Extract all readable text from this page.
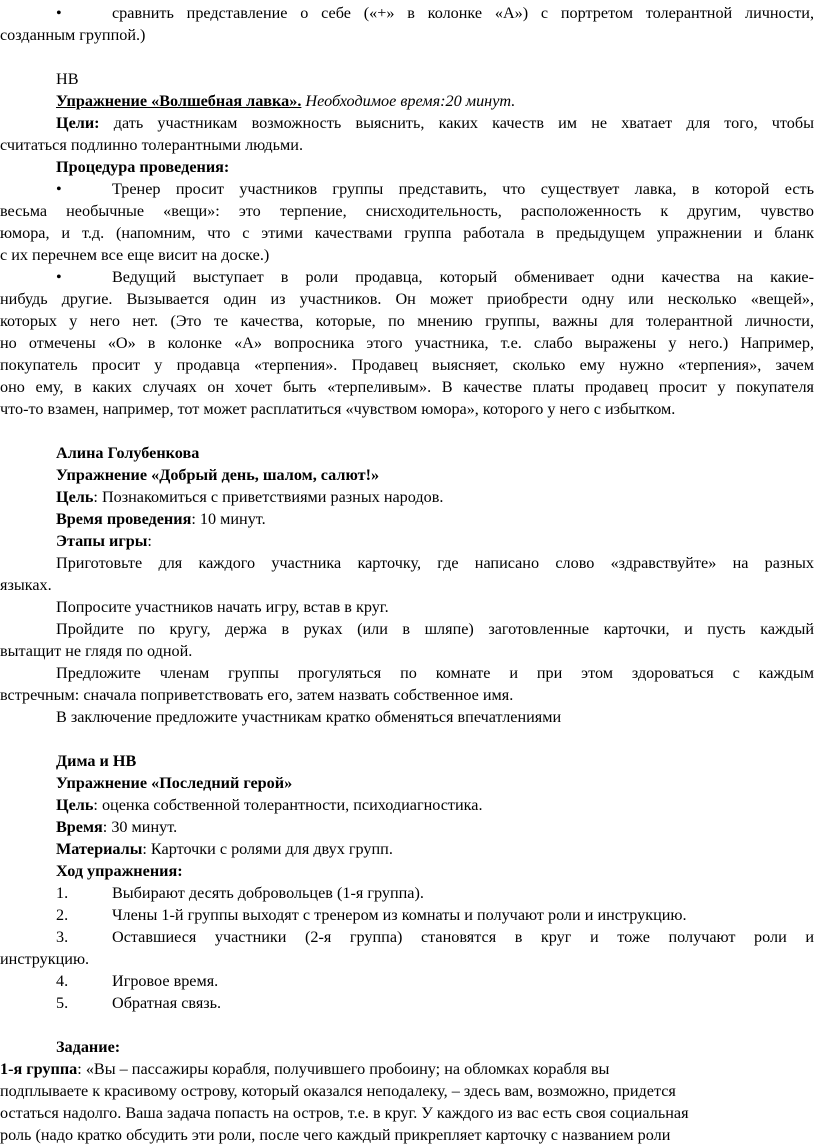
•	сравнить представление о себе («+» в колонке «А») с портретом толерантной личности,
созданным группой.)
НВ
Упражнение «Волшебная лавка». Необходимое время:20 минут.
Цели: дать участникам возможность выяснить, каких качеств им не хватает для того, чтобы
считаться подлинно толерантными людьми.
Процедура проведения:
•	Тренер просит участников группы представить, что существует лавка, в которой есть
весьма необычные «вещи»: это терпение, снисходительность, расположенность к другим, чувство
юмора, и т.д. (напомним, что с этими качествами группа работала в предыдущем упражнении и бланк
с их перечнем все еще висит на доске.)
•	Ведущий выступает в роли продавца, который обменивает одни качества на какие-
нибудь другие. Вызывается один из участников. Он может приобрести одну или несколько «вещей»,
которых у него нет. (Это те качества, которые, по мнению группы, важны для толерантной личности,
но отмечены «О» в колонке «А» вопросника этого участника, т.е. слабо выражены у него.) Например,
покупатель просит у продавца «терпения». Продавец выясняет, сколько ему нужно «терпения», зачем
оно ему, в каких случаях он хочет быть «терпеливым». В качестве платы продавец просит у покупателя
что-то взамен, например, тот может расплатиться «чувством юмора», которого у него с избытком.
Алина Голубенкова
Упражнение «Добрый день, шалом, салют!»
Цель: Познакомиться с приветствиями разных народов.
Время проведения: 10 минут.
Этапы игры:
Приготовьте для каждого участника карточку, где написано слово «здравствуйте» на разных
языках.
Попросите участников начать игру, встав в круг.
Пройдите по кругу, держа в руках (или в шляпе) заготовленные карточки, и пусть каждый
вытащит не глядя по одной.
Предложите членам группы прогуляться по комнате и при этом здороваться с каждым
встречным: сначала поприветствовать его, затем назвать собственное имя.
В заключение предложите участникам кратко обменяться впечатлениями
Дима и НВ
Упражнение «Последний герой»
Цель: оценка собственной толерантности, психодиагностика.
Время: 30 минут.
Материалы: Карточки с ролями для двух групп.
Ход упражнения:
1.	Выбирают десять добровольцев (1-я группа).
2.	Члены 1-й группы выходят с тренером из комнаты и получают роли и инструкцию.
3.	Оставшиеся участники (2-я группа) становятся в круг и тоже получают роли и
инструкцию.
4.	Игровое время.
5.	Обратная связь.
Задание:
1-я группа: «Вы – пассажиры корабля, получившего пробоину; на обломках корабля вы
подплываете к красивому острову, который оказался неподалеку, – здесь вам, возможно, придется
остаться надолго. Ваша задача попасть на остров, т.е. в круг. У каждого из вас есть своя социальная
роль (надо кратко обсудить эти роли, после чего каждый прикрепляет карточку с названием роли
